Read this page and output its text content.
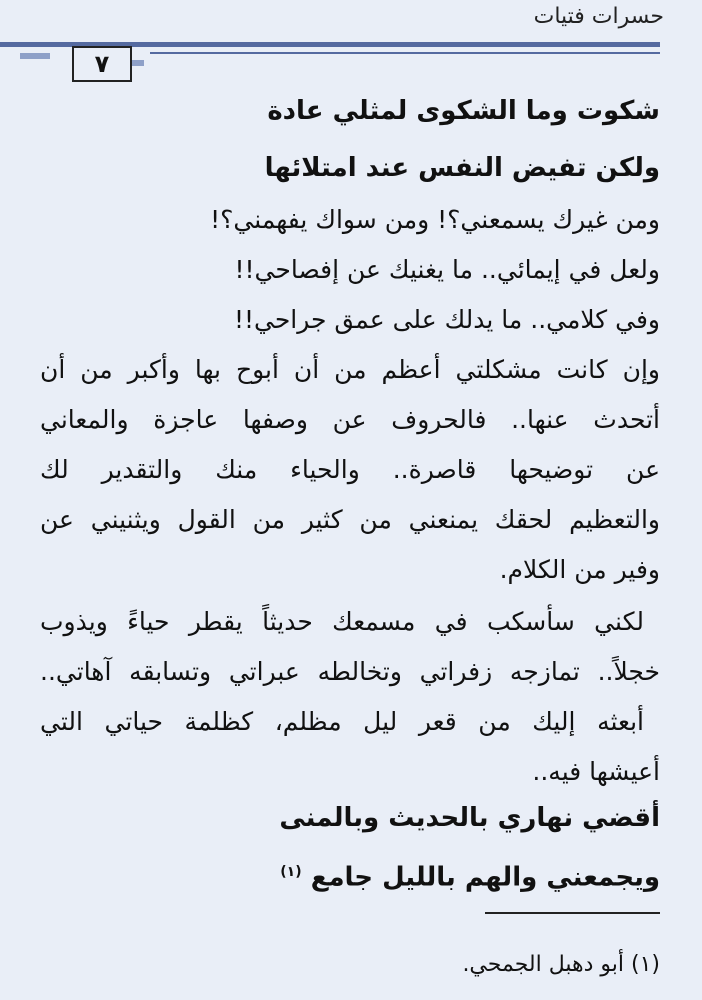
حسرات فتيات
٧
شكوت وما الشكوى لمثلي عادة
ولكن تفيض النفس عند امتلائها
ومن غيرك يسمعني؟! ومن سواك يفهمني؟!
ولعل في إيمائي.. ما يغنيك عن إفصاحي!!
وفي كلامي.. ما يدلك على عمق جراحي!!
وإن كانت مشكلتي أعظم من أن أبوح بها وأكبر من أن
أتحدث عنها.. فالحروف عن وصفها عاجزة والمعاني
عن توضيحها قاصرة.. والحياء منك والتقدير لك
والتعظيم لحقك يمنعني من كثير من القول ويثنيني عن
وفير من الكلام.
لكني سأسكب في مسمعك حديثاً يقطر حياءً ويذوب
خجلاً.. تمازجه زفراتي وتخالطه عبراتي وتسابقه آهاتي..
أبعثه إليك من قعر ليل مظلم، كظلمة حياتي التي
أعيشها فيه..
أقضي نهاري بالحديث وبالمنى
ويجمعني والهم بالليل جامع $^{(١)}$
(١) أبو دهبل الجمحي.
